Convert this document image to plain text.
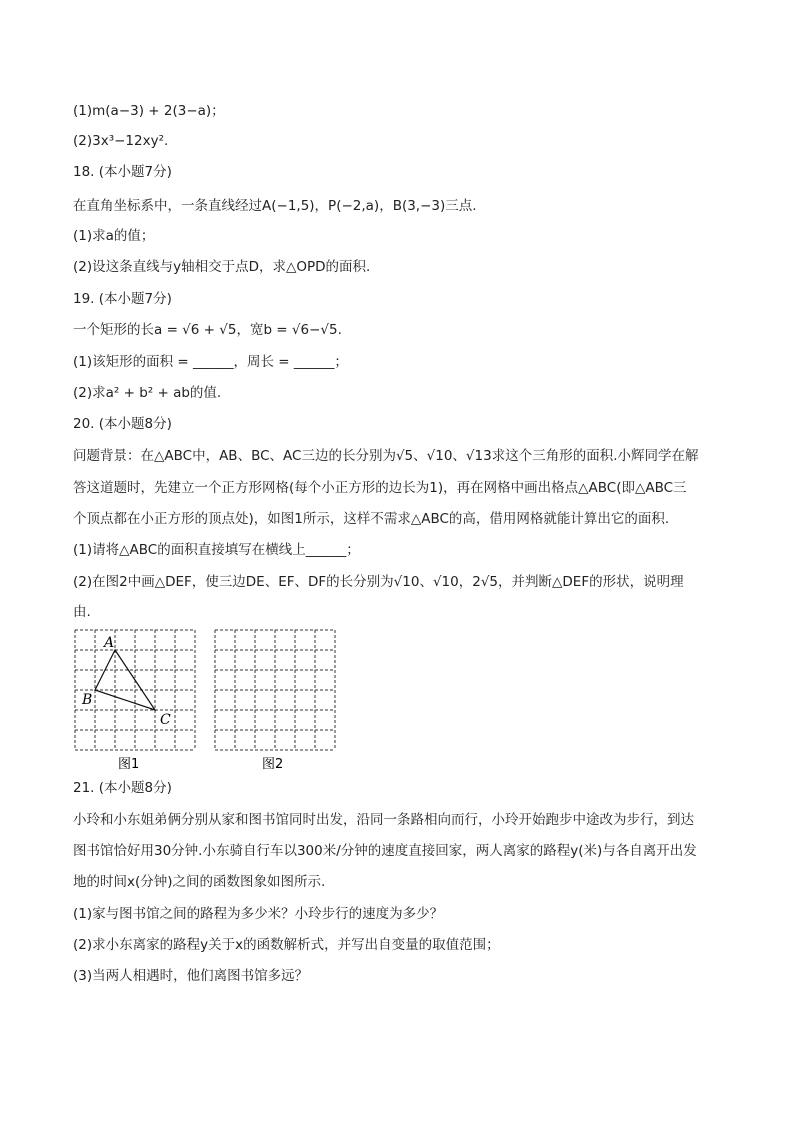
(1)m(a−3) + 2(3−a)；
(2)3x³−12xy².
18. (本小题7分)
在直角坐标系中，一条直线经过A(−1,5)，P(−2,a)，B(3,−3)三点.
(1)求a的值；
(2)设这条直线与y轴相交于点D，求△OPD的面积.
19. (本小题7分)
一个矩形的长a = √6 + √5，宽b = √6−√5.
(1)该矩形的面积 = ______，周长 = ______；
(2)求a² + b² + ab的值.
20. (本小题8分)
问题背景：在△ABC中，AB、BC、AC三边的长分别为√5、√10、√13求这个三角形的面积.小辉同学在解
答这道题时，先建立一个正方形网格(每个小正方形的边长为1)，再在网格中画出格点△ABC(即△ABC三
个顶点都在小正方形的顶点处)，如图1所示，这样不需求△ABC的高，借用网格就能计算出它的面积.
(1)请将△ABC的面积直接填写在横线上______；
(2)在图2中画△DEF，使三边DE、EF、DF的长分别为√10、√10，2√5，并判断△DEF的形状，说明理
由.
A
B
C
图1	图2
21. (本小题8分)
小玲和小东姐弟俩分别从家和图书馆同时出发，沿同一条路相向而行，小玲开始跑步中途改为步行，到达
图书馆恰好用30分钟.小东骑自行车以300米/分钟的速度直接回家，两人离家的路程y(米)与各自离开出发
地的时间x(分钟)之间的函数图象如图所示.
(1)家与图书馆之间的路程为多少米？小玲步行的速度为多少？
(2)求小东离家的路程y关于x的函数解析式，并写出自变量的取值范围；
(3)当两人相遇时，他们离图书馆多远？
